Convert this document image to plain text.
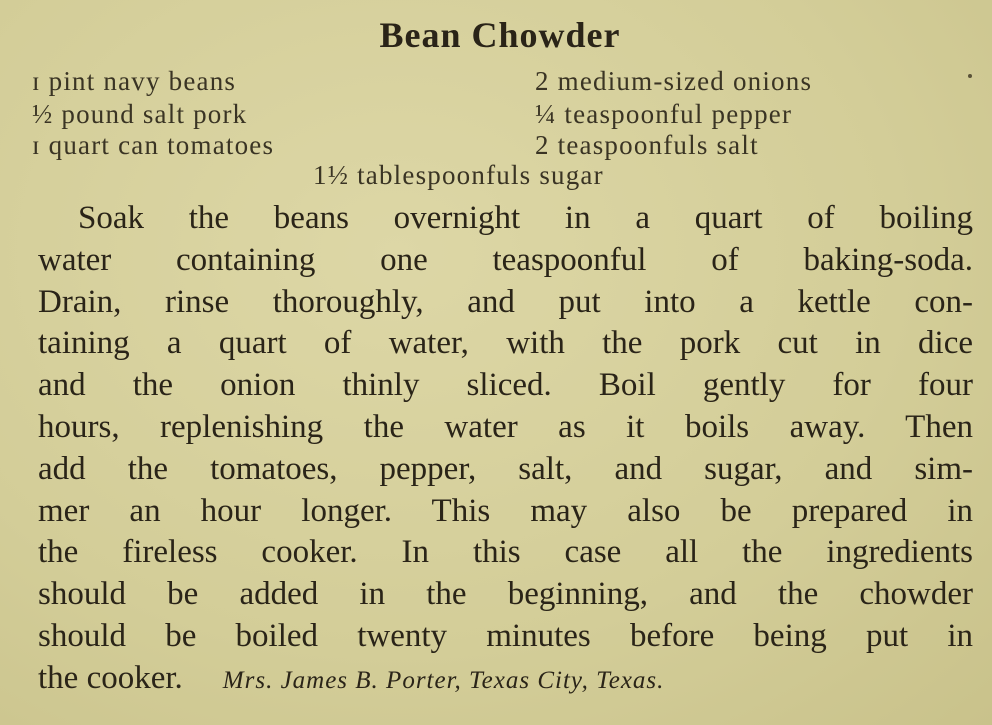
Bean Chowder
ɪ pint navy beans
½ pound salt pork
ɪ quart can tomatoes
2 medium-sized onions
¼ teaspoonful pepper
2 teaspoonfuls salt
1½ tablespoonfuls sugar
Soak the beans overnight in a quart of boiling
water containing one teaspoonful of baking-soda.
Drain, rinse thoroughly, and put into a kettle con-
taining a quart of water, with the pork cut in dice
and the onion thinly sliced. Boil gently for four
hours, replenishing the water as it boils away. Then
add the tomatoes, pepper, salt, and sugar, and sim-
mer an hour longer. This may also be prepared in
the fireless cooker. In this case all the ingredients
should be added in the beginning, and the chowder
should be boiled twenty minutes before being put in
the cooker. Mrs. James B. Porter, Texas City, Texas.
